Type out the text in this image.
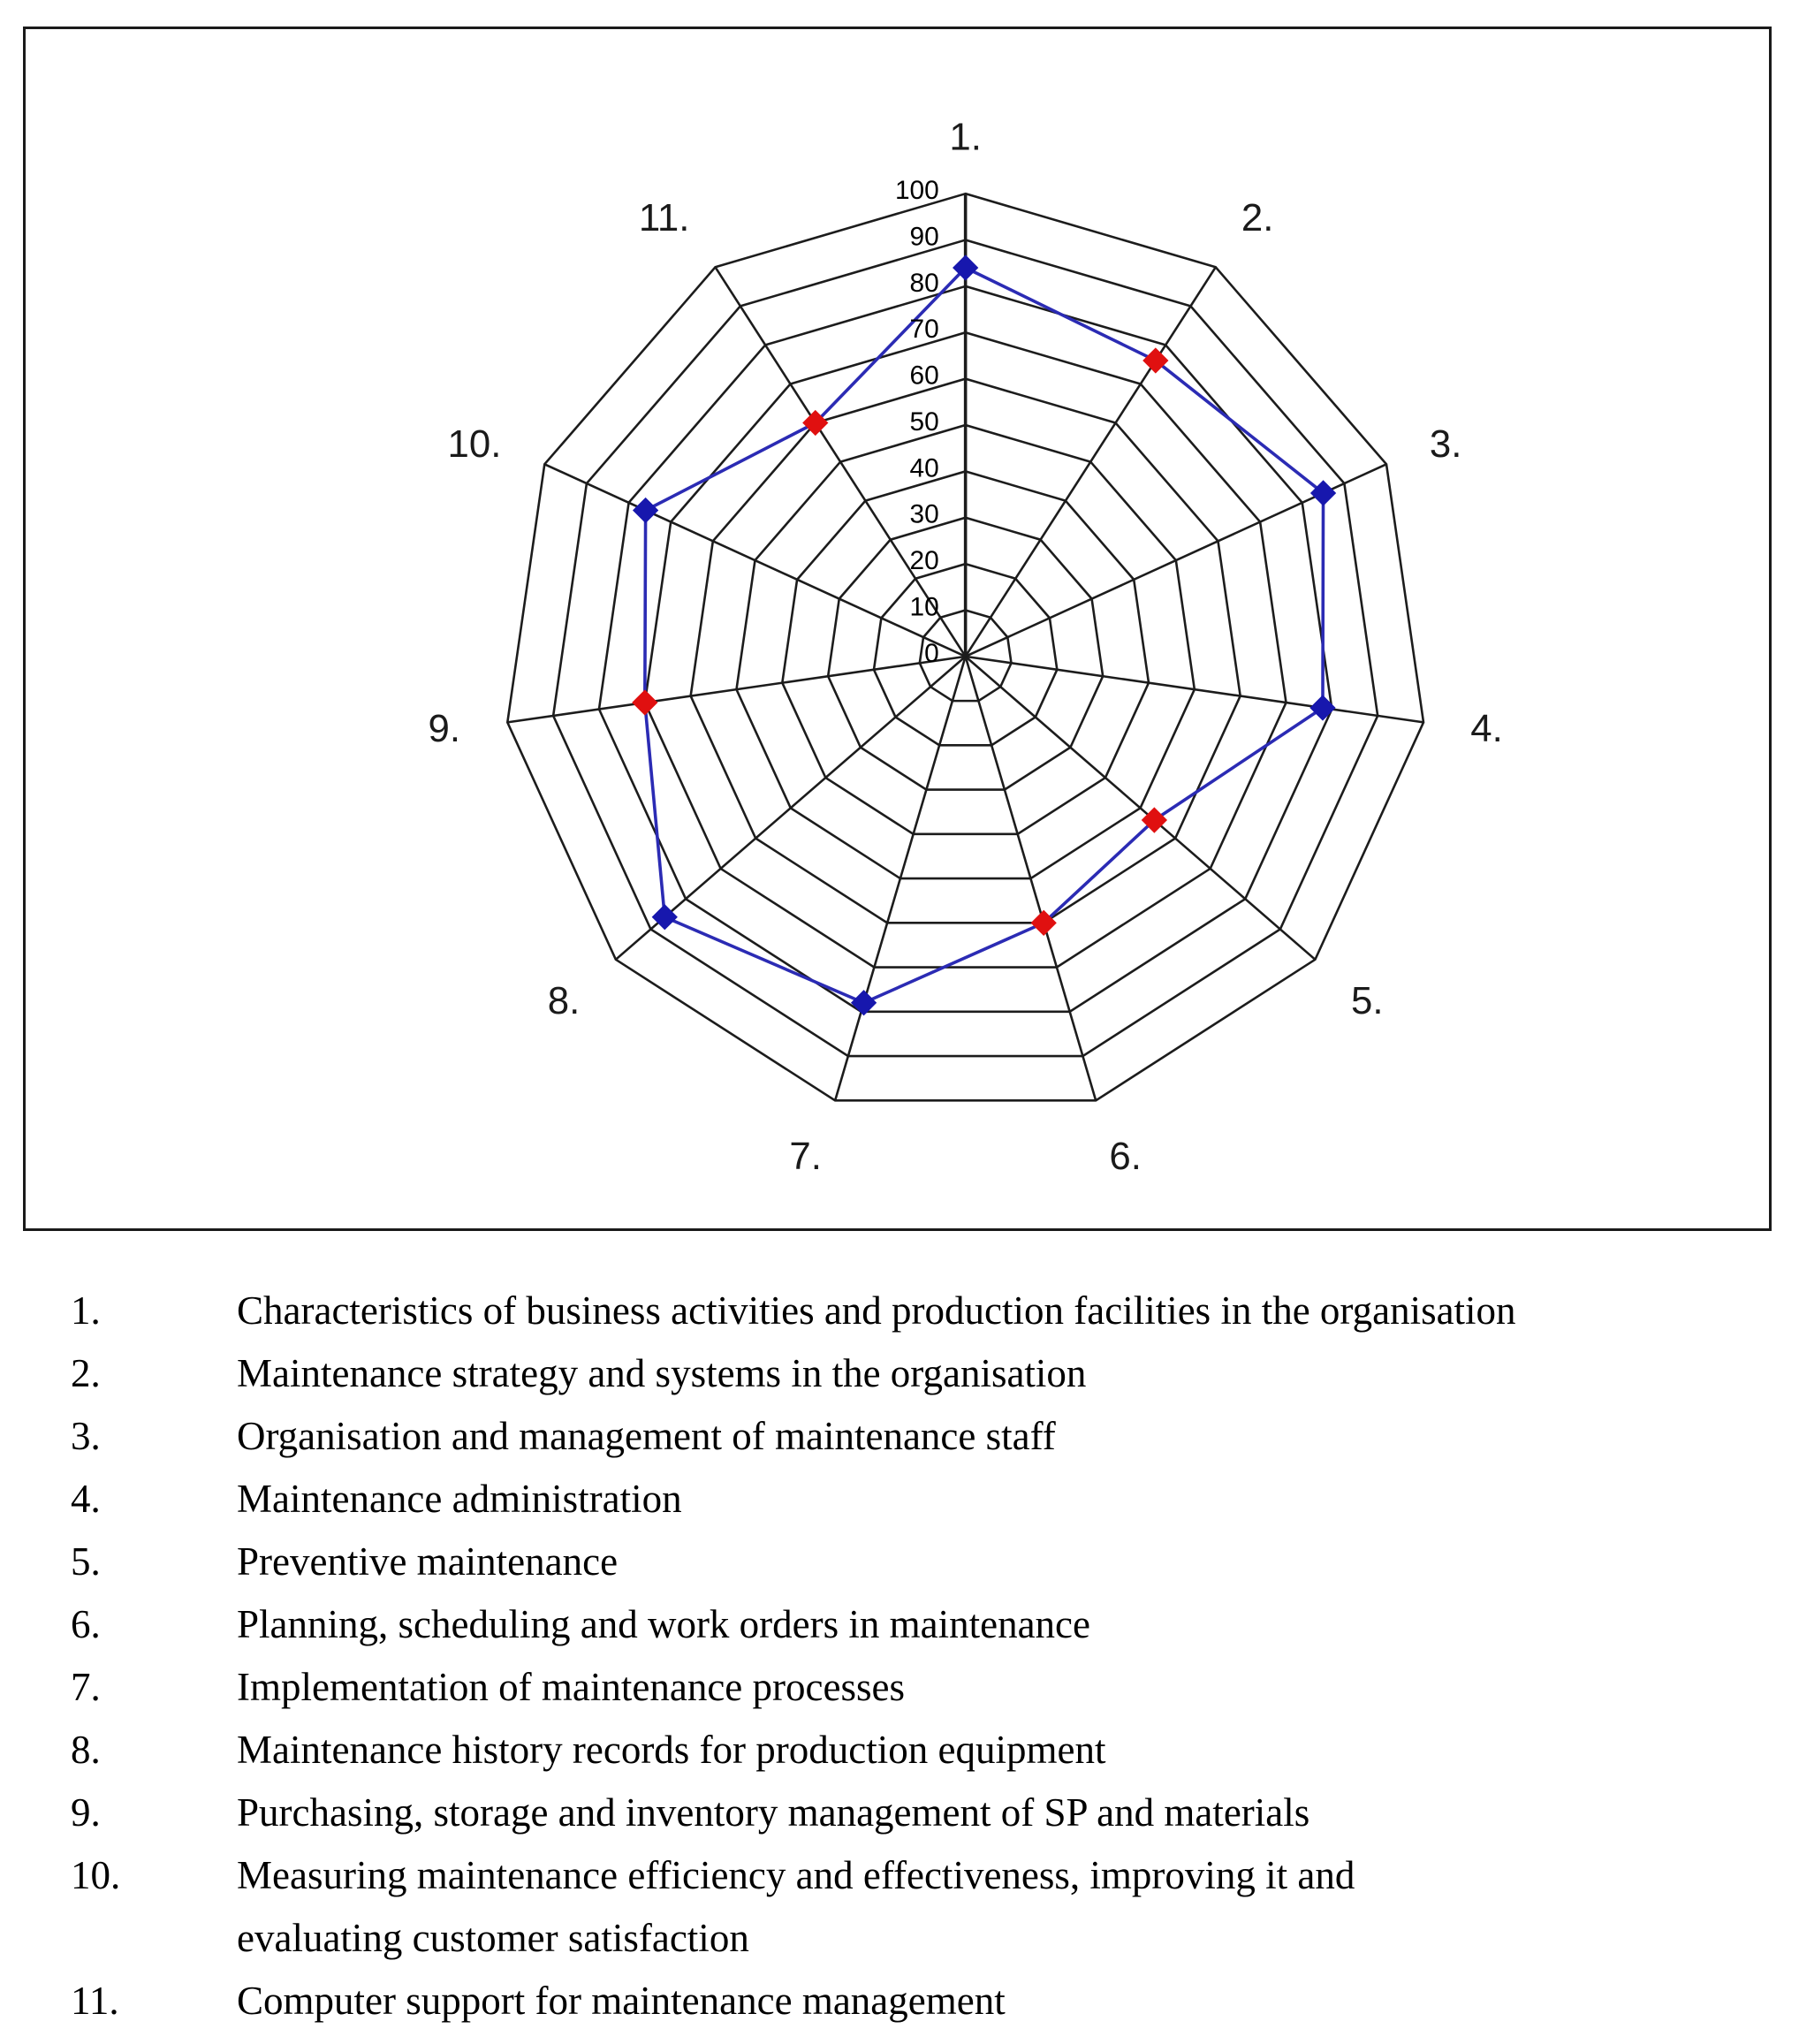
0
10
20
30
40
50
60
70
80
90
100
1.
2.
3.
4.
5.
6.
7.
8.
9.
10.
11.
1.	Characteristics of business activities and production facilities in the organisation
2.	Maintenance strategy and systems in the organisation
3.	Organisation and management of maintenance staff
4.	Maintenance administration
5.	Preventive maintenance
6.	Planning, scheduling and work orders in maintenance
7.	Implementation of maintenance processes
8.	Maintenance history records for production equipment
9.	Purchasing, storage and inventory management of SP and materials
10.	Measuring maintenance efficiency and effectiveness, improving it and
evaluating customer satisfaction
11.	Computer support for maintenance management
